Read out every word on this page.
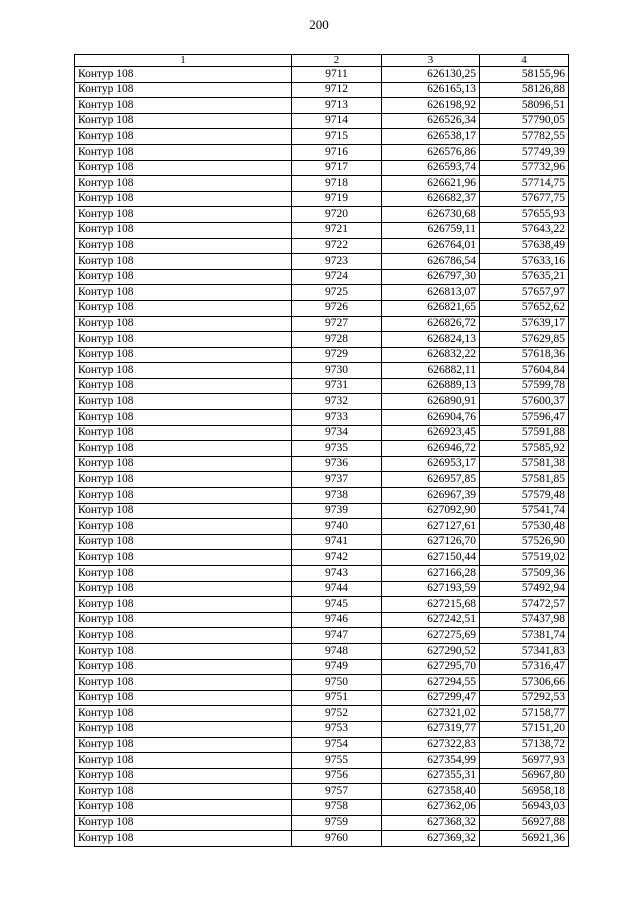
200
1	2	3	4
Контур 108	9711	626130,25	58155,96
Контур 108	9712	626165,13	58126,88
Контур 108	9713	626198,92	58096,51
Контур 108	9714	626526,34	57790,05
Контур 108	9715	626538,17	57782,55
Контур 108	9716	626576,86	57749,39
Контур 108	9717	626593,74	57732,96
Контур 108	9718	626621,96	57714,75
Контур 108	9719	626682,37	57677,75
Контур 108	9720	626730,68	57655,93
Контур 108	9721	626759,11	57643,22
Контур 108	9722	626764,01	57638,49
Контур 108	9723	626786,54	57633,16
Контур 108	9724	626797,30	57635,21
Контур 108	9725	626813,07	57657,97
Контур 108	9726	626821,65	57652,62
Контур 108	9727	626826,72	57639,17
Контур 108	9728	626824,13	57629,85
Контур 108	9729	626832,22	57618,36
Контур 108	9730	626882,11	57604,84
Контур 108	9731	626889,13	57599,78
Контур 108	9732	626890,91	57600,37
Контур 108	9733	626904,76	57596,47
Контур 108	9734	626923,45	57591,88
Контур 108	9735	626946,72	57585,92
Контур 108	9736	626953,17	57581,38
Контур 108	9737	626957,85	57581,85
Контур 108	9738	626967,39	57579,48
Контур 108	9739	627092,90	57541,74
Контур 108	9740	627127,61	57530,48
Контур 108	9741	627126,70	57526,90
Контур 108	9742	627150,44	57519,02
Контур 108	9743	627166,28	57509,36
Контур 108	9744	627193,59	57492,94
Контур 108	9745	627215,68	57472,57
Контур 108	9746	627242,51	57437,98
Контур 108	9747	627275,69	57381,74
Контур 108	9748	627290,52	57341,83
Контур 108	9749	627295,70	57316,47
Контур 108	9750	627294,55	57306,66
Контур 108	9751	627299,47	57292,53
Контур 108	9752	627321,02	57158,77
Контур 108	9753	627319,77	57151,20
Контур 108	9754	627322,83	57138,72
Контур 108	9755	627354,99	56977,93
Контур 108	9756	627355,31	56967,80
Контур 108	9757	627358,40	56958,18
Контур 108	9758	627362,06	56943,03
Контур 108	9759	627368,32	56927,88
Контур 108	9760	627369,32	56921,36
